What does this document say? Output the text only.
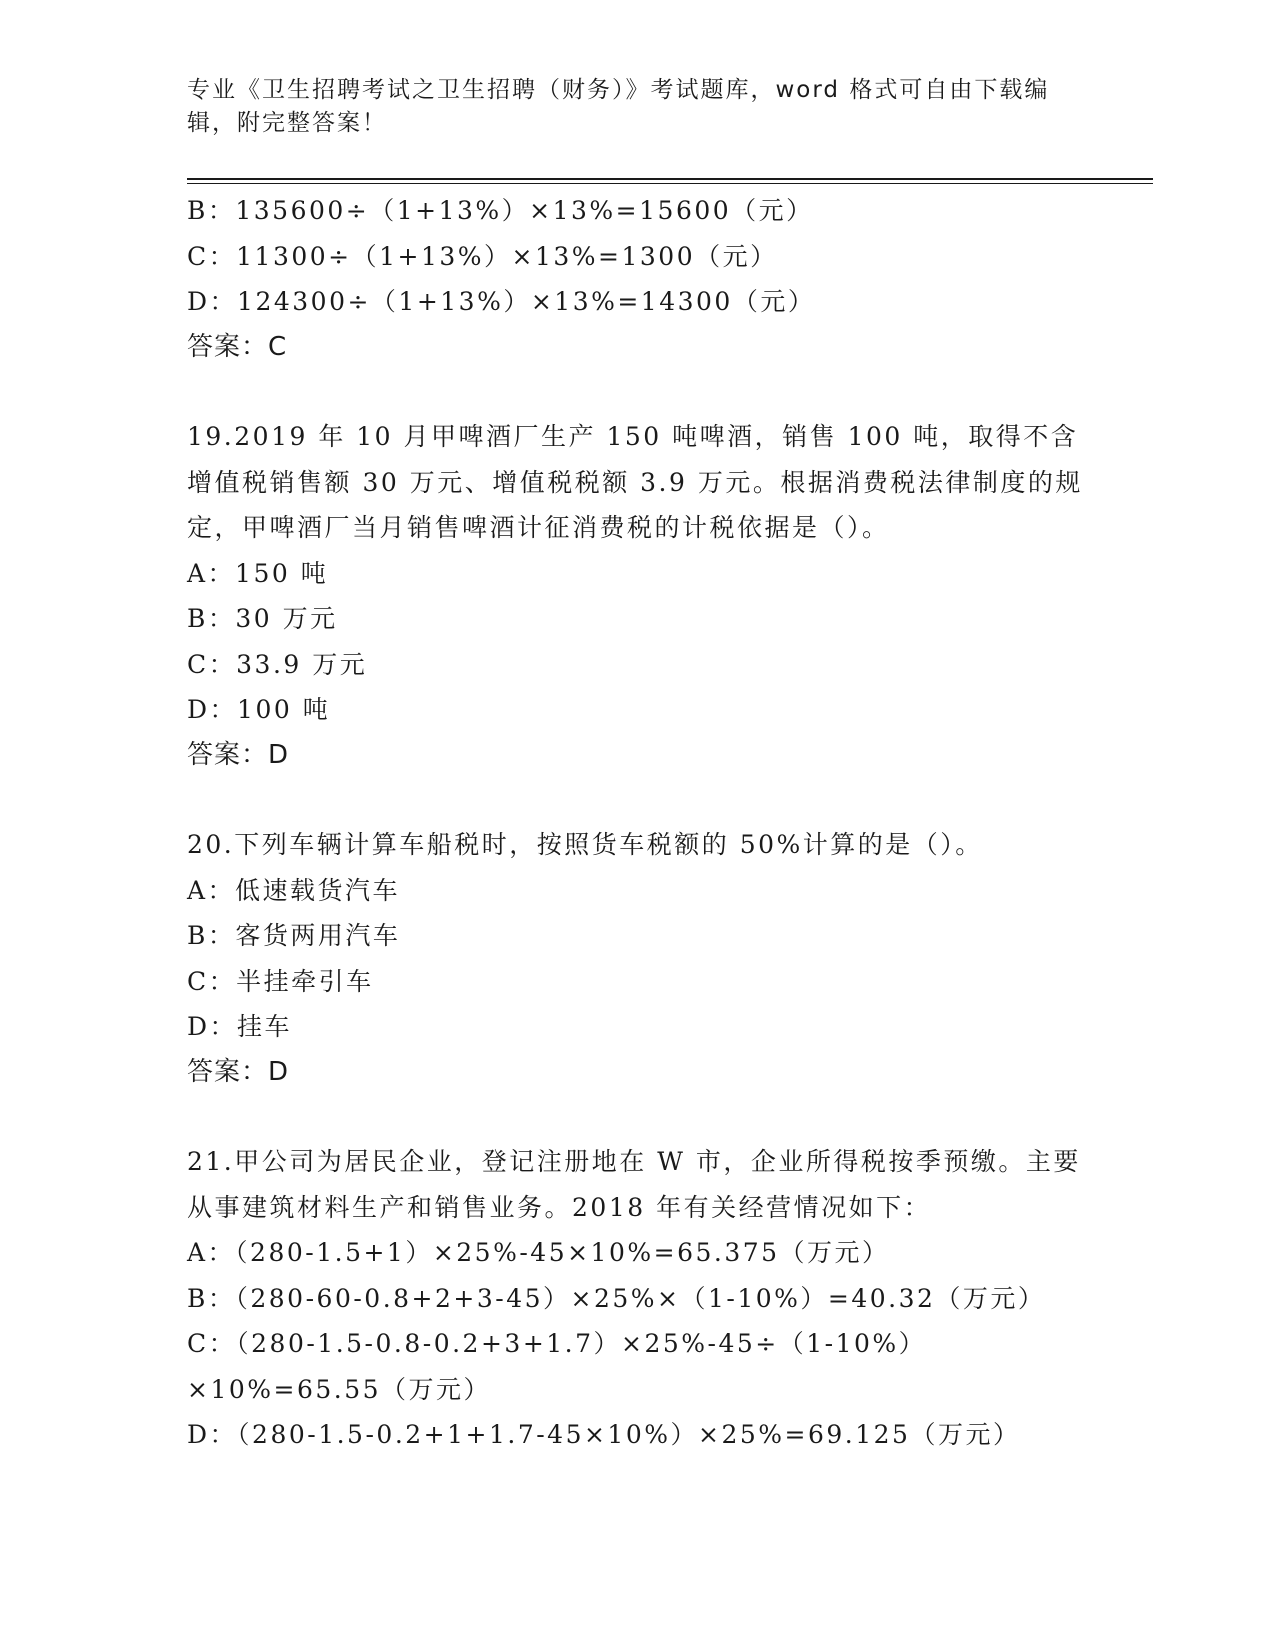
专业《卫生招聘考试之卫生招聘（财务）》考试题库，word 格式可自由下载编辑，附完整答案！
B：135600÷（1+13%）×13%=15600（元）
C：11300÷（1+13%）×13%=1300（元）
D：124300÷（1+13%）×13%=14300（元）
答案：C
19.2019 年 10 月甲啤酒厂生产 150 吨啤酒，销售 100 吨，取得不含增值税销售额 30 万元、增值税税额 3.9 万元。根据消费税法律制度的规定，甲啤酒厂当月销售啤酒计征消费税的计税依据是（）。
A：150 吨
B：30 万元
C：33.9 万元
D：100 吨
答案：D
20.下列车辆计算车船税时，按照货车税额的 50%计算的是（）。
A：低速载货汽车
B：客货两用汽车
C：半挂牵引车
D：挂车
答案：D
21.甲公司为居民企业，登记注册地在 W 市，企业所得税按季预缴。主要从事建筑材料生产和销售业务。2018 年有关经营情况如下：
A：（280-1.5+1）×25%-45×10%=65.375（万元）
B：（280-60-0.8+2+3-45）×25%×（1-10%）=40.32（万元）
C：（280-1.5-0.8-0.2+3+1.7）×25%-45÷（1-10%）×10%=65.55（万元）
D：（280-1.5-0.2+1+1.7-45×10%）×25%=69.125（万元）
